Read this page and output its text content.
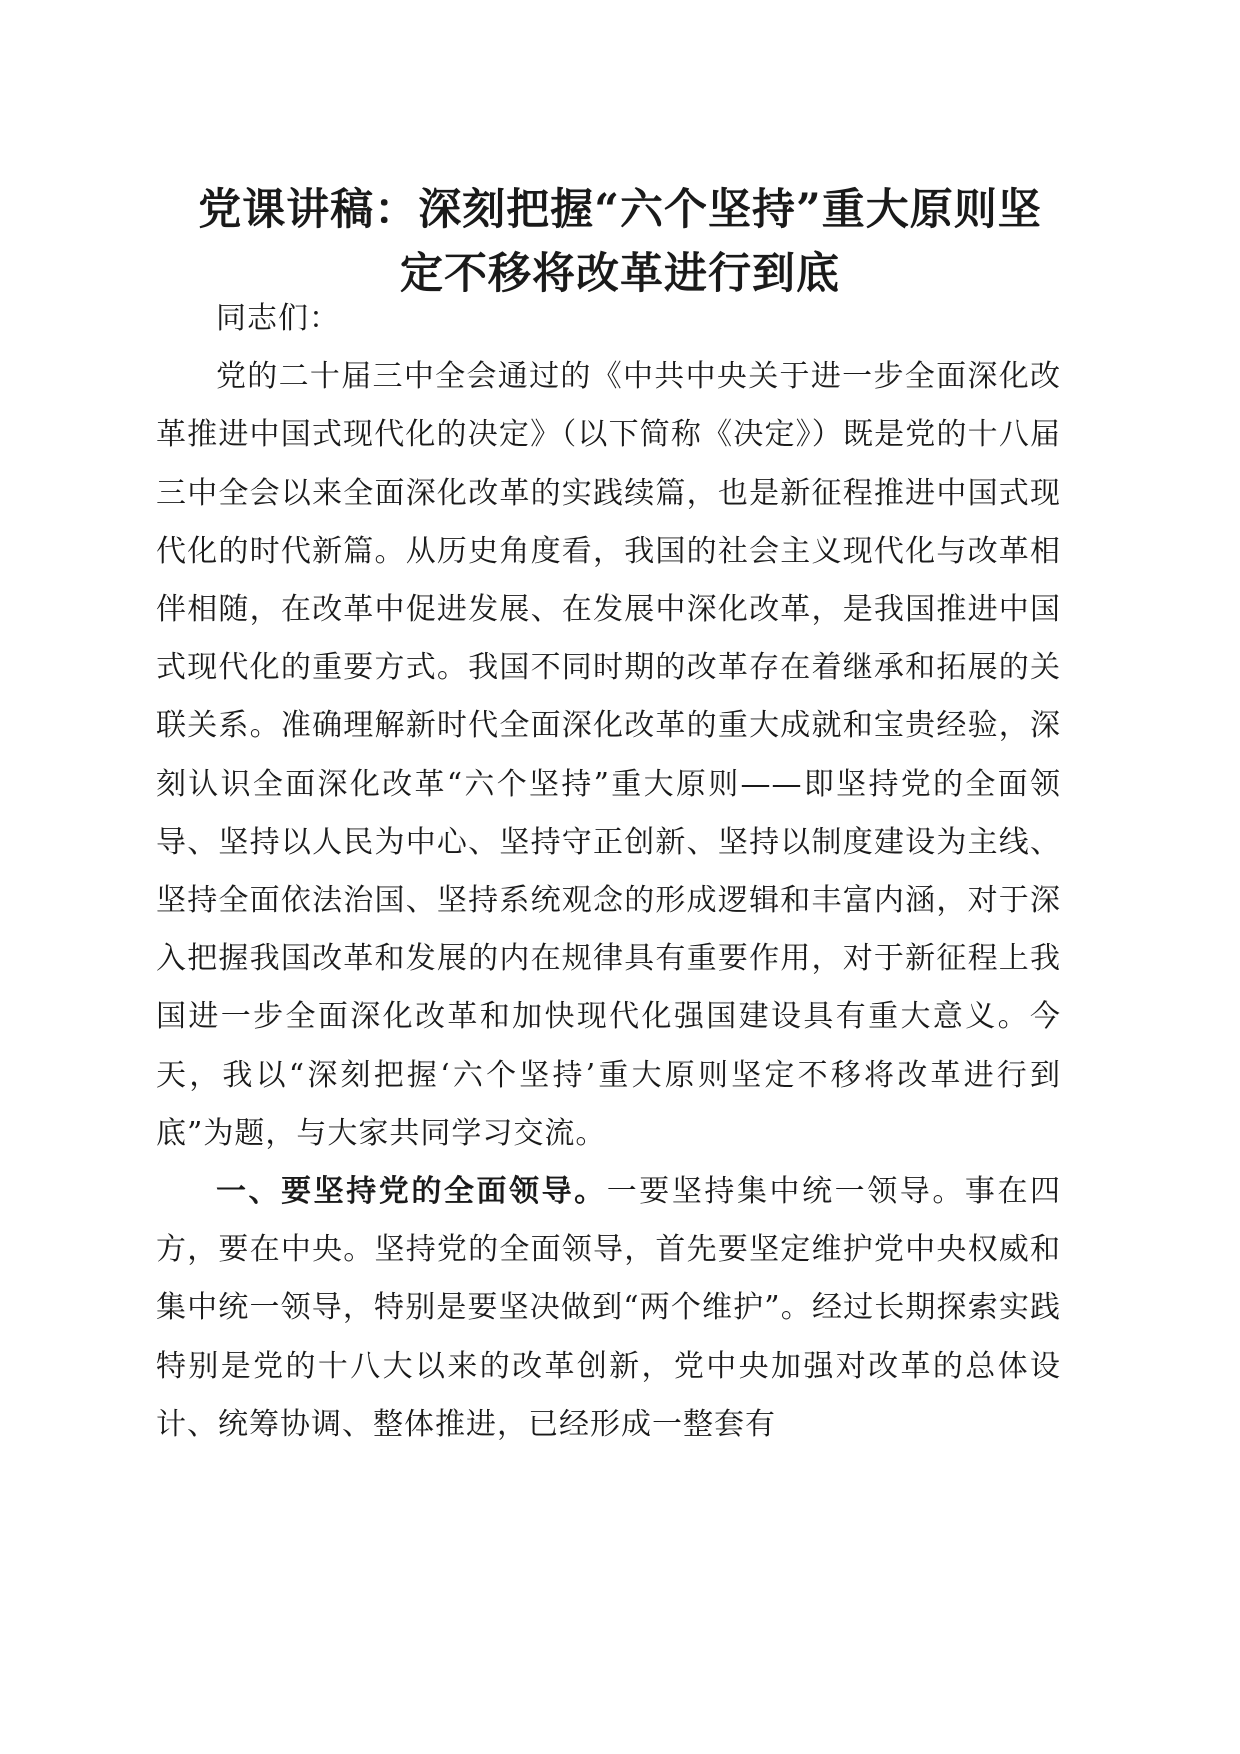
党课讲稿：深刻把握“六个坚持”重大原则坚
定不移将改革进行到底

同志们：

党的二十届三中全会通过的《中共中央关于进一步全面深化改革推进中国式现代化的决定》（以下简称《决定》）既是党的十八届三中全会以来全面深化改革的实践续篇，也是新征程推进中国式现代化的时代新篇。从历史角度看，我国的社会主义现代化与改革相伴相随，在改革中促进发展、在发展中深化改革，是我国推进中国式现代化的重要方式。我国不同时期的改革存在着继承和拓展的关联关系。准确理解新时代全面深化改革的重大成就和宝贵经验，深刻认识全面深化改革“六个坚持”重大原则——即坚持党的全面领导、坚持以人民为中心、坚持守正创新、坚持以制度建设为主线、坚持全面依法治国、坚持系统观念的形成逻辑和丰富内涵，对于深入把握我国改革和发展的内在规律具有重要作用，对于新征程上我国进一步全面深化改革和加快现代化强国建设具有重大意义。今天，我以“深刻把握‘六个坚持’重大原则坚定不移将改革进行到底”为题，与大家共同学习交流。

一、要坚持党的全面领导。一要坚持集中统一领导。事在四方，要在中央。坚持党的全面领导，首先要坚定维护党中央权威和集中统一领导，特别是要坚决做到“两个维护”。经过长期探索实践特别是党的十八大以来的改革创新，党中央加强对改革的总体设计、统筹协调、整体推进，已经形成一整套有
